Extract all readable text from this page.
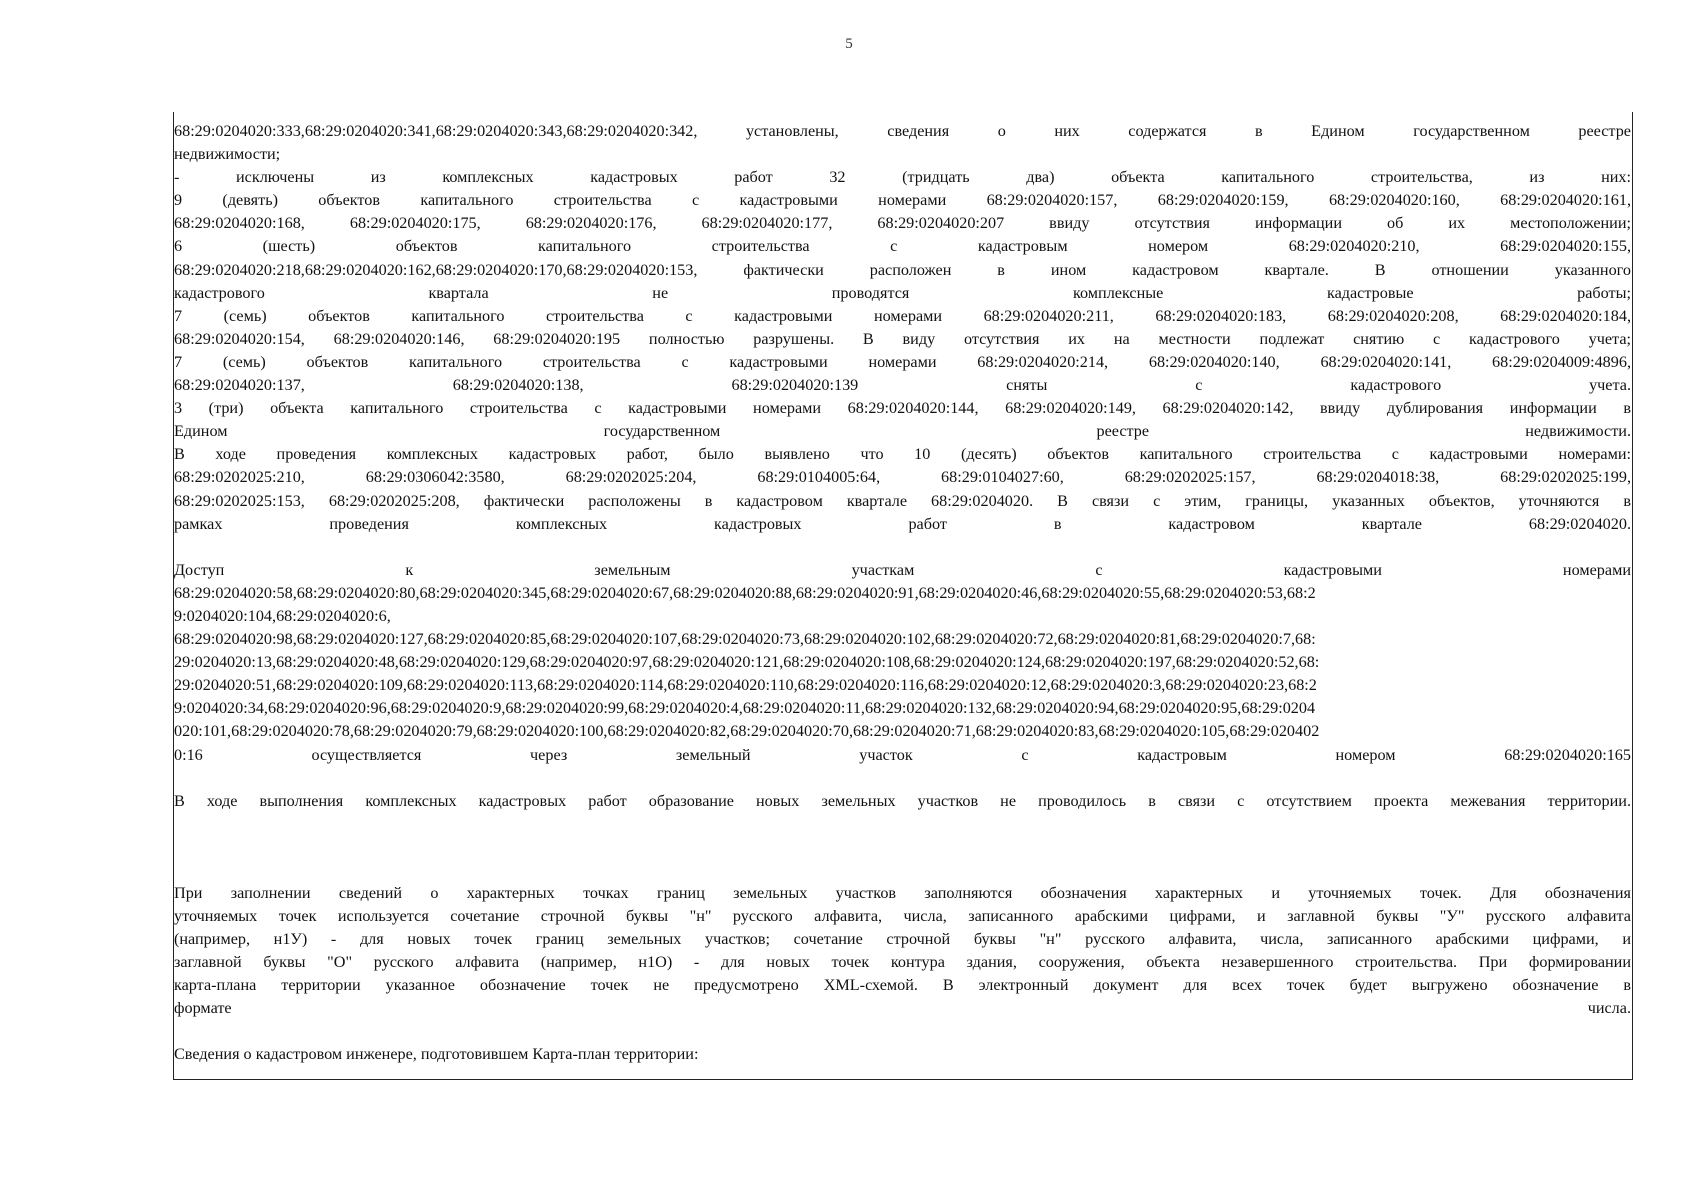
5
68:29:0204020:333,68:29:0204020:341,68:29:0204020:343,68:29:0204020:342, установлены, сведения о них содержатся в Едином государственном реестре
недвижимости;
- исключены из комплексных кадастровых работ 32 (тридцать два) объекта капитального строительства, из них:
9 (девять) объектов капитального строительства с кадастровыми номерами 68:29:0204020:157, 68:29:0204020:159, 68:29:0204020:160, 68:29:0204020:161,
68:29:0204020:168, 68:29:0204020:175, 68:29:0204020:176, 68:29:0204020:177, 68:29:0204020:207 ввиду отсутствия информации об их местоположении;
6 (шесть) объектов капитального строительства с кадастровым номером 68:29:0204020:210, 68:29:0204020:155,
68:29:0204020:218,68:29:0204020:162,68:29:0204020:170,68:29:0204020:153, фактически расположен в ином кадастровом квартале. В отношении указанного
кадастрового квартала не проводятся комплексные кадастровые работы;
7 (семь) объектов капитального строительства с кадастровыми номерами 68:29:0204020:211, 68:29:0204020:183, 68:29:0204020:208, 68:29:0204020:184,
68:29:0204020:154, 68:29:0204020:146, 68:29:0204020:195 полностью разрушены. В виду отсутствия их на местности подлежат снятию с кадастрового учета;
7 (семь) объектов капитального строительства с кадастровыми номерами 68:29:0204020:214, 68:29:0204020:140, 68:29:0204020:141, 68:29:0204009:4896,
68:29:0204020:137, 68:29:0204020:138, 68:29:0204020:139 сняты с кадастрового учета.
3 (три) объекта капитального строительства с кадастровыми номерами 68:29:0204020:144, 68:29:0204020:149, 68:29:0204020:142, ввиду дублирования информации в
Едином государственном реестре недвижимости.
В ходе проведения комплексных кадастровых работ, было выявлено что 10 (десять) объектов капитального строительства с кадастровыми номерами:
68:29:0202025:210, 68:29:0306042:3580, 68:29:0202025:204, 68:29:0104005:64, 68:29:0104027:60, 68:29:0202025:157, 68:29:0204018:38, 68:29:0202025:199,
68:29:0202025:153, 68:29:0202025:208, фактически расположены в кадастровом квартале 68:29:0204020. В связи с этим, границы, указанных объектов, уточняются в
рамках проведения комплексных кадастровых работ в кадастровом квартале 68:29:0204020.
Доступ к земельным участкам с кадастровыми номерами
68:29:0204020:58,68:29:0204020:80,68:29:0204020:345,68:29:0204020:67,68:29:0204020:88,68:29:0204020:91,68:29:0204020:46,68:29:0204020:55,68:29:0204020:53,68:2
9:0204020:104,68:29:0204020:6,
68:29:0204020:98,68:29:0204020:127,68:29:0204020:85,68:29:0204020:107,68:29:0204020:73,68:29:0204020:102,68:29:0204020:72,68:29:0204020:81,68:29:0204020:7,68:
29:0204020:13,68:29:0204020:48,68:29:0204020:129,68:29:0204020:97,68:29:0204020:121,68:29:0204020:108,68:29:0204020:124,68:29:0204020:197,68:29:0204020:52,68:
29:0204020:51,68:29:0204020:109,68:29:0204020:113,68:29:0204020:114,68:29:0204020:110,68:29:0204020:116,68:29:0204020:12,68:29:0204020:3,68:29:0204020:23,68:2
9:0204020:34,68:29:0204020:96,68:29:0204020:9,68:29:0204020:99,68:29:0204020:4,68:29:0204020:11,68:29:0204020:132,68:29:0204020:94,68:29:0204020:95,68:29:0204
020:101,68:29:0204020:78,68:29:0204020:79,68:29:0204020:100,68:29:0204020:82,68:29:0204020:70,68:29:0204020:71,68:29:0204020:83,68:29:0204020:105,68:29:020402
0:16 осуществляется через земельный участок с кадастровым номером 68:29:0204020:165
В ходе выполнения комплексных кадастровых работ образование новых земельных участков не проводилось в связи с отсутствием проекта межевания территории.
При заполнении сведений о характерных точках границ земельных участков заполняются обозначения характерных и уточняемых точек. Для обозначения
уточняемых точек используется сочетание строчной буквы "н" русского алфавита, числа, записанного арабскими цифрами, и заглавной буквы "У" русского алфавита
(например, н1У) - для новых точек границ земельных участков; сочетание строчной буквы "н" русского алфавита, числа, записанного арабскими цифрами, и
заглавной буквы "О" русского алфавита (например, н1О) - для новых точек контура здания, сооружения, объекта незавершенного строительства. При формировании
карта-плана территории указанное обозначение точек не предусмотрено XML-схемой. В электронный документ для всех точек будет выгружено обозначение в
формате числа.
Сведения о кадастровом инженере, подготовившем Карта-план территории:
